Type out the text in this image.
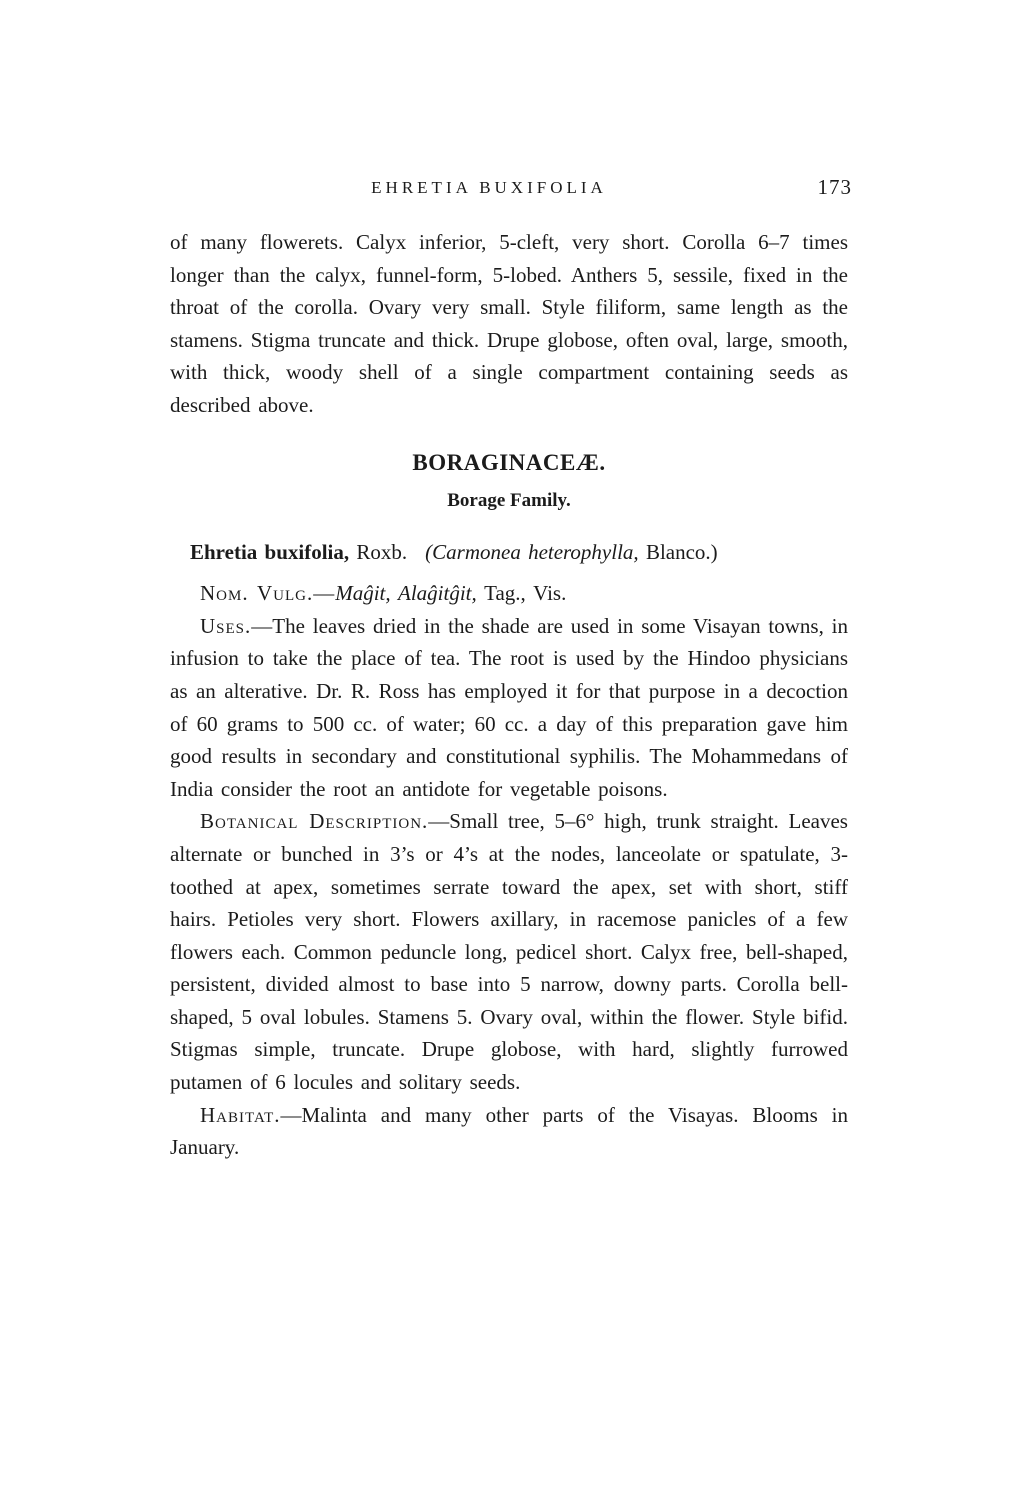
EHRETIA BUXIFOLIA	173

of many flowerets. Calyx inferior, 5-cleft, very short. Corolla 6–7 times longer than the calyx, funnel-form, 5-lobed. Anthers 5, sessile, fixed in the throat of the corolla. Ovary very small. Style filiform, same length as the stamens. Stigma truncate and thick. Drupe globose, often oval, large, smooth, with thick, woody shell of a single compartment containing seeds as described above.

BORAGINACEÆ.
Borage Family.

Ehretia buxifolia, Roxb. (Carmonea heterophylla, Blanco.)

Nom. Vulg.—Maĝit, Alaĝitĝit, Tag., Vis.

Uses.—The leaves dried in the shade are used in some Visayan towns, in infusion to take the place of tea. The root is used by the Hindoo physicians as an alterative. Dr. R. Ross has employed it for that purpose in a decoction of 60 grams to 500 cc. of water; 60 cc. a day of this preparation gave him good results in secondary and constitutional syphilis. The Mohammedans of India consider the root an antidote for vegetable poisons.

Botanical Description.—Small tree, 5–6° high, trunk straight. Leaves alternate or bunched in 3’s or 4’s at the nodes, lanceolate or spatulate, 3-toothed at apex, sometimes serrate toward the apex, set with short, stiff hairs. Petioles very short. Flowers axillary, in racemose panicles of a few flowers each. Common peduncle long, pedicel short. Calyx free, bell-shaped, persistent, divided almost to base into 5 narrow, downy parts. Corolla bell-shaped, 5 oval lobules. Stamens 5. Ovary oval, within the flower. Style bifid. Stigmas simple, truncate. Drupe globose, with hard, slightly furrowed putamen of 6 locules and solitary seeds.

Habitat.—Malinta and many other parts of the Visayas. Blooms in January.
